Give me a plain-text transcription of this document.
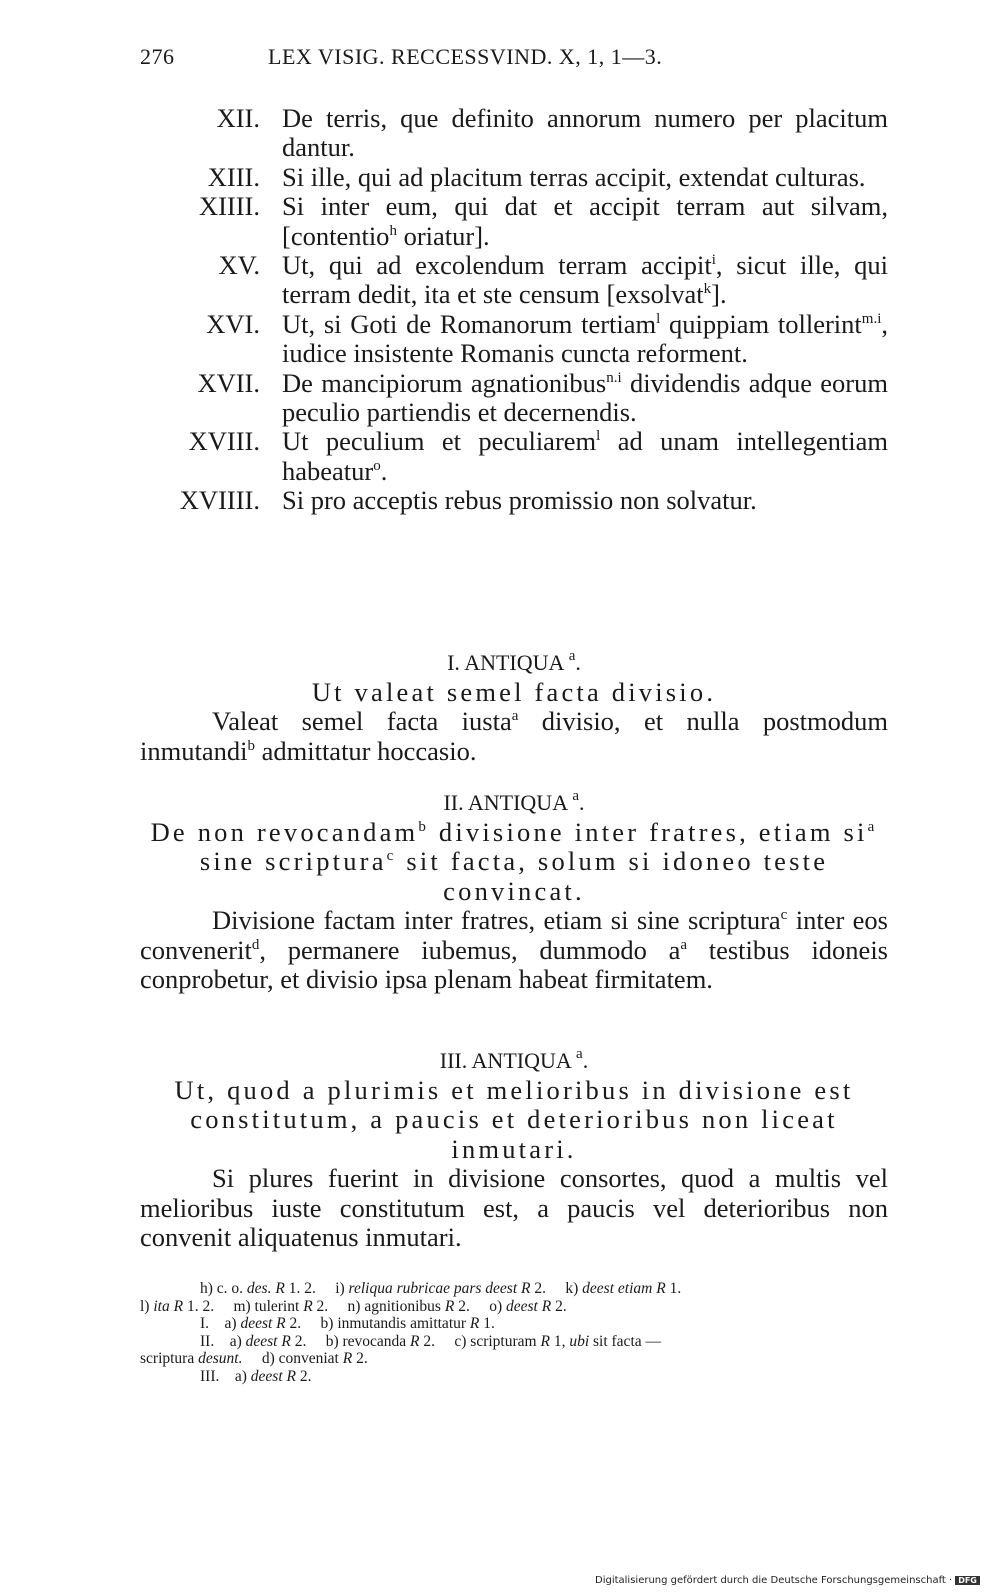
276	LEX VISIG. RECCESSVIND. X, 1, 1—3.
XII. De terris, que definito annorum numero per placitum dantur.
XIII. Si ille, qui ad placitum terras accipit, extendat culturas.
XIIII. Si inter eum, qui dat et accipit terram aut silvam, [contentio$^h$ oriatur].
XV. Ut, qui ad excolendum terram accipit$^i$, sicut ille, qui terram dedit, ita et ste censum [exsolvat$^k$].
XVI. Ut, si Goti de Romanorum tertiam$^l$ quippiam tollerint$^{m.i}$, iudice insistente Romanis cuncta reforment.
XVII. De mancipiorum agnationibus$^{n.i}$ dividendis adque eorum peculio partiendis et decernendis.
XVIII. Ut peculium et peculiarem$^l$ ad unam intellegentiam habeatur$^o$.
XVIIII. Si pro acceptis rebus promissio non solvatur.
I. ANTIQUA $^a$.
Ut valeat semel facta divisio.
Valeat semel facta iusta$^a$ divisio, et nulla postmodum inmutandi$^b$ admittatur hoccasio.
II. ANTIQUA $^a$.
De non revocandam$^b$ divisione inter fratres, etiam $si^a$ sine scriptura$^c$ sit facta, solum si idoneo teste convincat.
Divisione factam inter fratres, etiam si sine scriptura$^c$ inter eos convenerit$^d$, permanere iubemus, dummodo $a^a$ testibus idoneis conprobetur, et divisio ipsa plenam habeat firmitatem.
III. ANTIQUA $^a$.
Ut, quod a plurimis et melioribus in divisione est constitutum, a paucis et deterioribus non liceat inmutari.
Si plures fuerint in divisione consortes, quod a multis vel melioribus iuste constitutum est, a paucis vel deterioribus non convenit aliquatenus inmutari.
h) c. o. des. R 1. 2.     i) reliqua rubricae pars deest R 2.     k) deest etiam R 1.
l) ita R 1. 2.     m) tulerint R 2.     n) agnitionibus R 2.     o) deest R 2.
I.    a) deest R 2.     b) inmutandis amittatur R 1.
II.    a) deest R 2.     b) revocanda R 2.     c) scripturam R 1, ubi sit facta —
scriptura desunt.     d) conveniat R 2.
III.    a) deest R 2.
Digitalisierung gefördert durch die Deutsche Forschungsgemeinschaft · DFG
